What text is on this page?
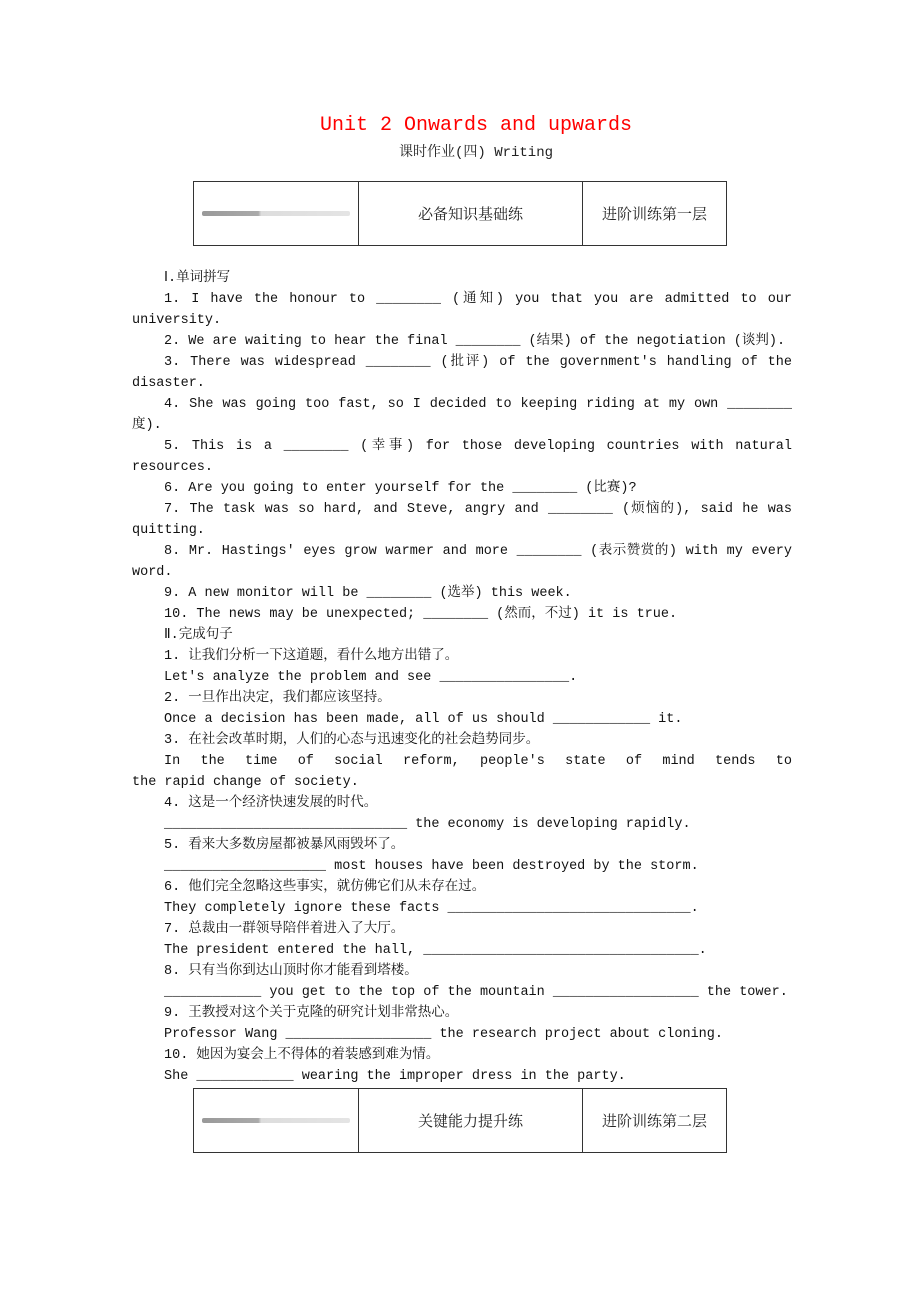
Unit 2 Onwards and upwards
课时作业(四) Writing
必备知识基础练	进阶训练第一层
Ⅰ.单词拼写
1. I have the honour to ________ (通知) you that you are admitted to our
university.
2. We are waiting to hear the final ________ (结果) of the negotiation (谈判).
3. There was widespread ________ (批评) of the government's handling of the
disaster.
4. She was going too fast, so I decided to keeping riding at my own ________
度).
5. This is a ________ (幸事) for those developing countries with natural
resources.
6. Are you going to enter yourself for the ________ (比赛)?
7. The task was so hard, and Steve, angry and ________ (烦恼的), said he was
quitting.
8. Mr. Hastings' eyes grow warmer and more ________ (表示赞赏的) with my every
word.
9. A new monitor will be ________ (选举) this week.
10. The news may be unexpected; ________ (然而，不过) it is true.
Ⅱ.完成句子
1. 让我们分析一下这道题，看什么地方出错了。
Let's analyze the problem and see ________________.
2. 一旦作出决定，我们都应该坚持。
Once a decision has been made, all of us should ____________ it.
3. 在社会改革时期，人们的心态与迅速变化的社会趋势同步。
In the time of social reform, people's state of mind tends to
the rapid change of society.
4. 这是一个经济快速发展的时代。
______________________________ the economy is developing rapidly.
5. 看来大多数房屋都被暴风雨毁坏了。
____________________ most houses have been destroyed by the storm.
6. 他们完全忽略这些事实，就仿佛它们从未存在过。
They completely ignore these facts ______________________________.
7. 总裁由一群领导陪伴着进入了大厅。
The president entered the hall, __________________________________.
8. 只有当你到达山顶时你才能看到塔楼。
____________ you get to the top of the mountain __________________ the tower.
9. 王教授对这个关于克隆的研究计划非常热心。
Professor Wang __________________ the research project about cloning.
10. 她因为宴会上不得体的着装感到难为情。
She ____________ wearing the improper dress in the party.
关键能力提升练	进阶训练第二层
